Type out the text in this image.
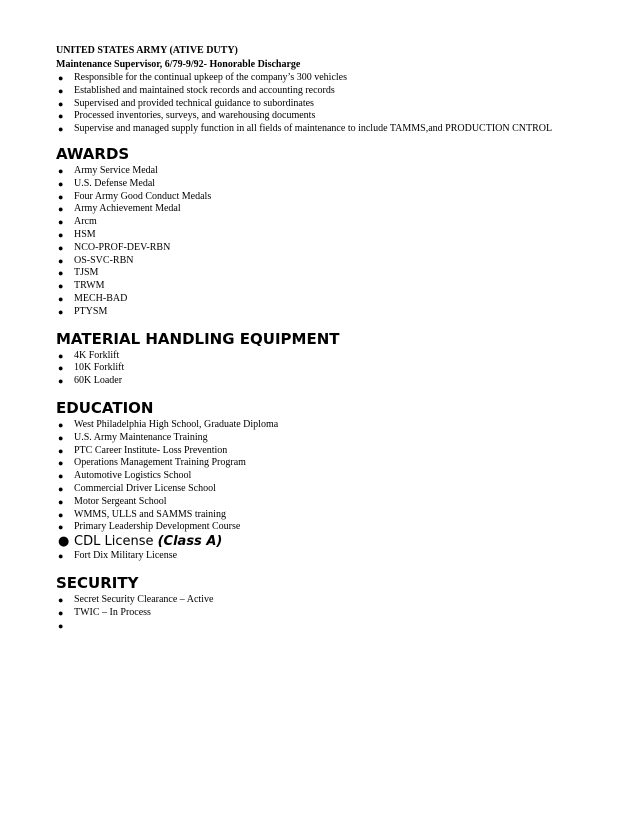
UNITED STATES ARMY (ATIVE DUTY)
Maintenance Supervisor, 6/79-9/92- Honorable Discharge
● Responsible for the continual upkeep of the company’s 300 vehicles
● Established and maintained stock records and accounting records
● Supervised and provided technical guidance to subordinates
● Processed inventories, surveys, and warehousing documents
● Supervise and managed supply function in all fields of maintenance to include TAMMS,and PRODUCTION CNTROL
AWARDS
● Army Service Medal
● U.S. Defense Medal
● Four Army Good Conduct Medals
● Army Achievement Medal
● Arcm
● HSM
● NCO-PROF-DEV-RBN
● OS-SVC-RBN
● TJSM
● TRWM
● MECH-BAD
● PTYSM
MATERIAL HANDLING EQUIPMENT
● 4K Forklift
● 10K Forklift
● 60K Loader
EDUCATION
● West Philadelphia High School, Graduate Diploma
● U.S. Army Maintenance Training
● PTC Career Institute- Loss Prevention
● Operations Management Training Program
● Automotive Logistics School
● Commercial Driver License School
● Motor Sergeant School
● WMMS, ULLS and SAMMS training
● Primary Leadership Development Course
● CDL License (Class A)
● Fort Dix Military License
SECURITY
● Secret Security Clearance – Active
● TWIC – In Process
●
